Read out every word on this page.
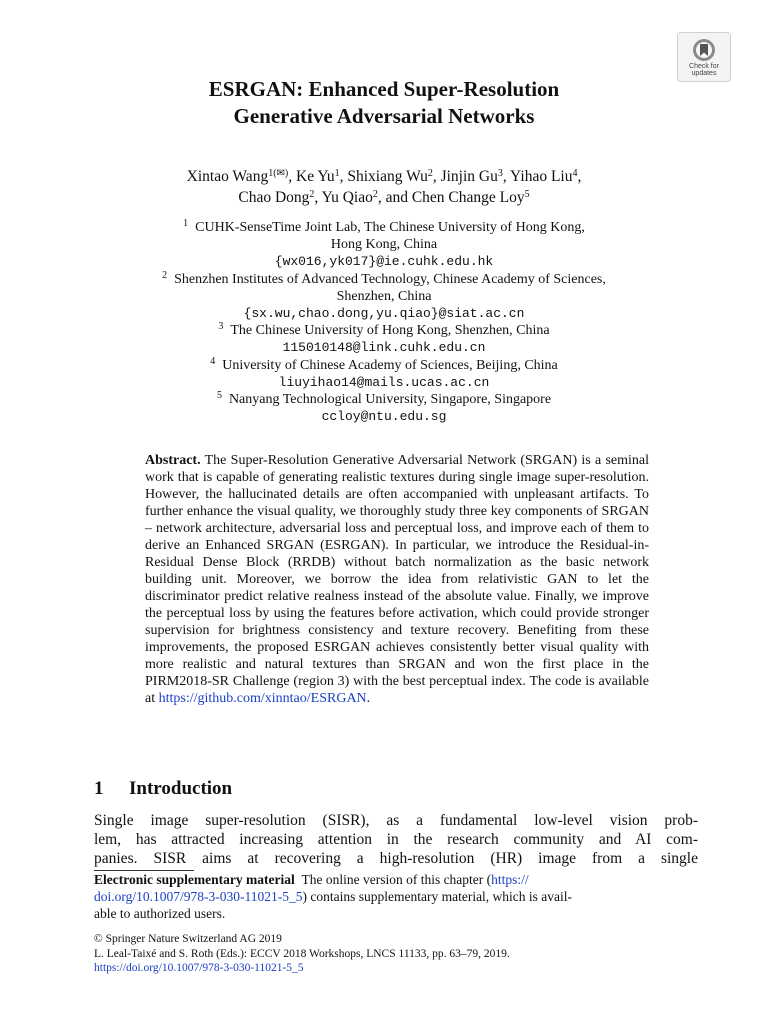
Check for
updates
ESRGAN: Enhanced Super-Resolution
Generative Adversarial Networks
Xintao Wang$^{1(✉)}$, Ke Yu$^1$, Shixiang Wu$^2$, Jinjin Gu$^3$, Yihao Liu$^4$,
Chao Dong$^2$, Yu Qiao$^2$, and Chen Change Loy$^5$
$^1$ CUHK-SenseTime Joint Lab, The Chinese University of Hong Kong,
Hong Kong, China
{wx016,yk017}@ie.cuhk.edu.hk
$^2$ Shenzhen Institutes of Advanced Technology, Chinese Academy of Sciences,
Shenzhen, China
{sx.wu,chao.dong,yu.qiao}@siat.ac.cn
$^3$ The Chinese University of Hong Kong, Shenzhen, China
115010148@link.cuhk.edu.cn
$^4$ University of Chinese Academy of Sciences, Beijing, China
liuyihao14@mails.ucas.ac.cn
$^5$ Nanyang Technological University, Singapore, Singapore
ccloy@ntu.edu.sg
Abstract. The Super-Resolution Generative Adversarial Network (SRGAN) is a seminal work that is capable of generating realistic textures during single image super-resolution. However, the hallucinated details are often accompanied with unpleasant artifacts. To further enhance the visual quality, we thoroughly study three key components of SRGAN – network architecture, adversarial loss and perceptual loss, and improve each of them to derive an Enhanced SRGAN (ESRGAN). In particular, we introduce the Residual-in-Residual Dense Block (RRDB) without batch normalization as the basic network building unit. Moreover, we borrow the idea from relativistic GAN to let the discriminator predict relative realness instead of the absolute value. Finally, we improve the perceptual loss by using the features before activation, which could provide stronger supervision for brightness consistency and texture recovery. Benefiting from these improvements, the proposed ESRGAN achieves consistently better visual quality with more realistic and natural textures than SRGAN and won the first place in the PIRM2018-SR Challenge (region 3) with the best perceptual index. The code is available at https://github.com/xinntao/ESRGAN.
1 Introduction
Single image super-resolution (SISR), as a fundamental low-level vision prob-
lem, has attracted increasing attention in the research community and AI com-
panies. SISR aims at recovering a high-resolution (HR) image from a single
Electronic supplementary material The online version of this chapter (https://
doi.org/10.1007/978-3-030-11021-5_5) contains supplementary material, which is avail-
able to authorized users.
© Springer Nature Switzerland AG 2019
L. Leal-Taixé and S. Roth (Eds.): ECCV 2018 Workshops, LNCS 11133, pp. 63–79, 2019.
https://doi.org/10.1007/978-3-030-11021-5_5
